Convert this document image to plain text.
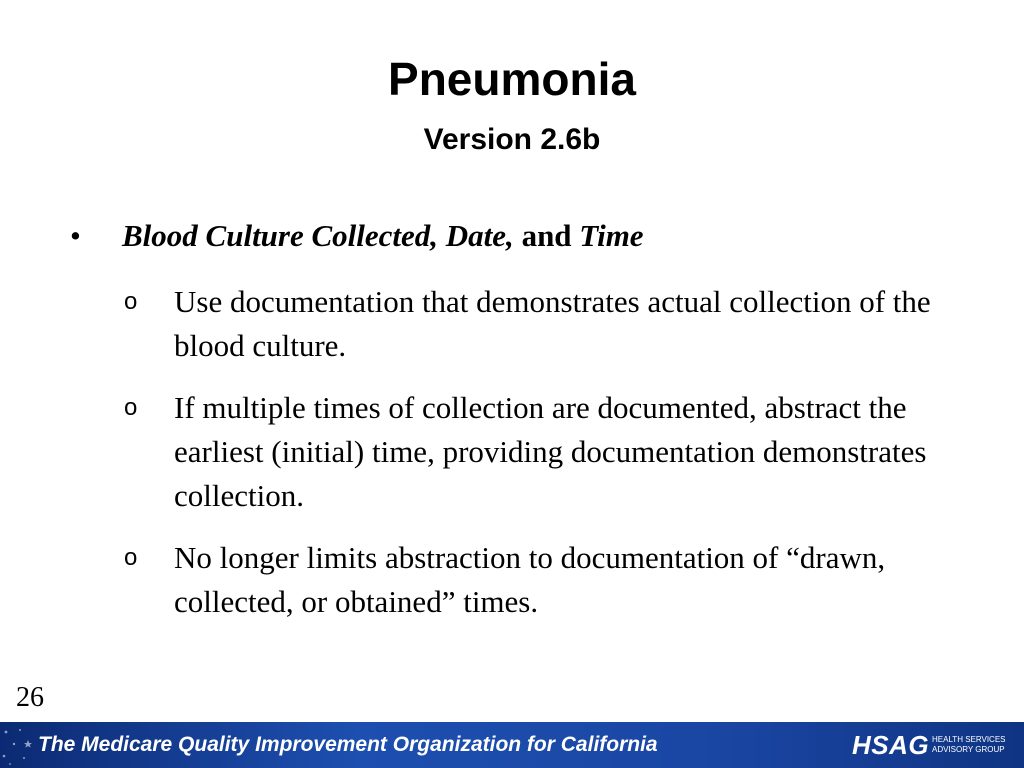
Pneumonia
Version 2.6b
• Blood Culture Collected, Date, and Time
o Use documentation that demonstrates actual collection of the blood culture.
o If multiple times of collection are documented, abstract the earliest (initial) time, providing documentation demonstrates collection.
o No longer limits abstraction to documentation of “drawn, collected, or obtained” times.
26
The Medicare Quality Improvement Organization for California	HSAG HEALTH SERVICES
ADVISORY GROUP
